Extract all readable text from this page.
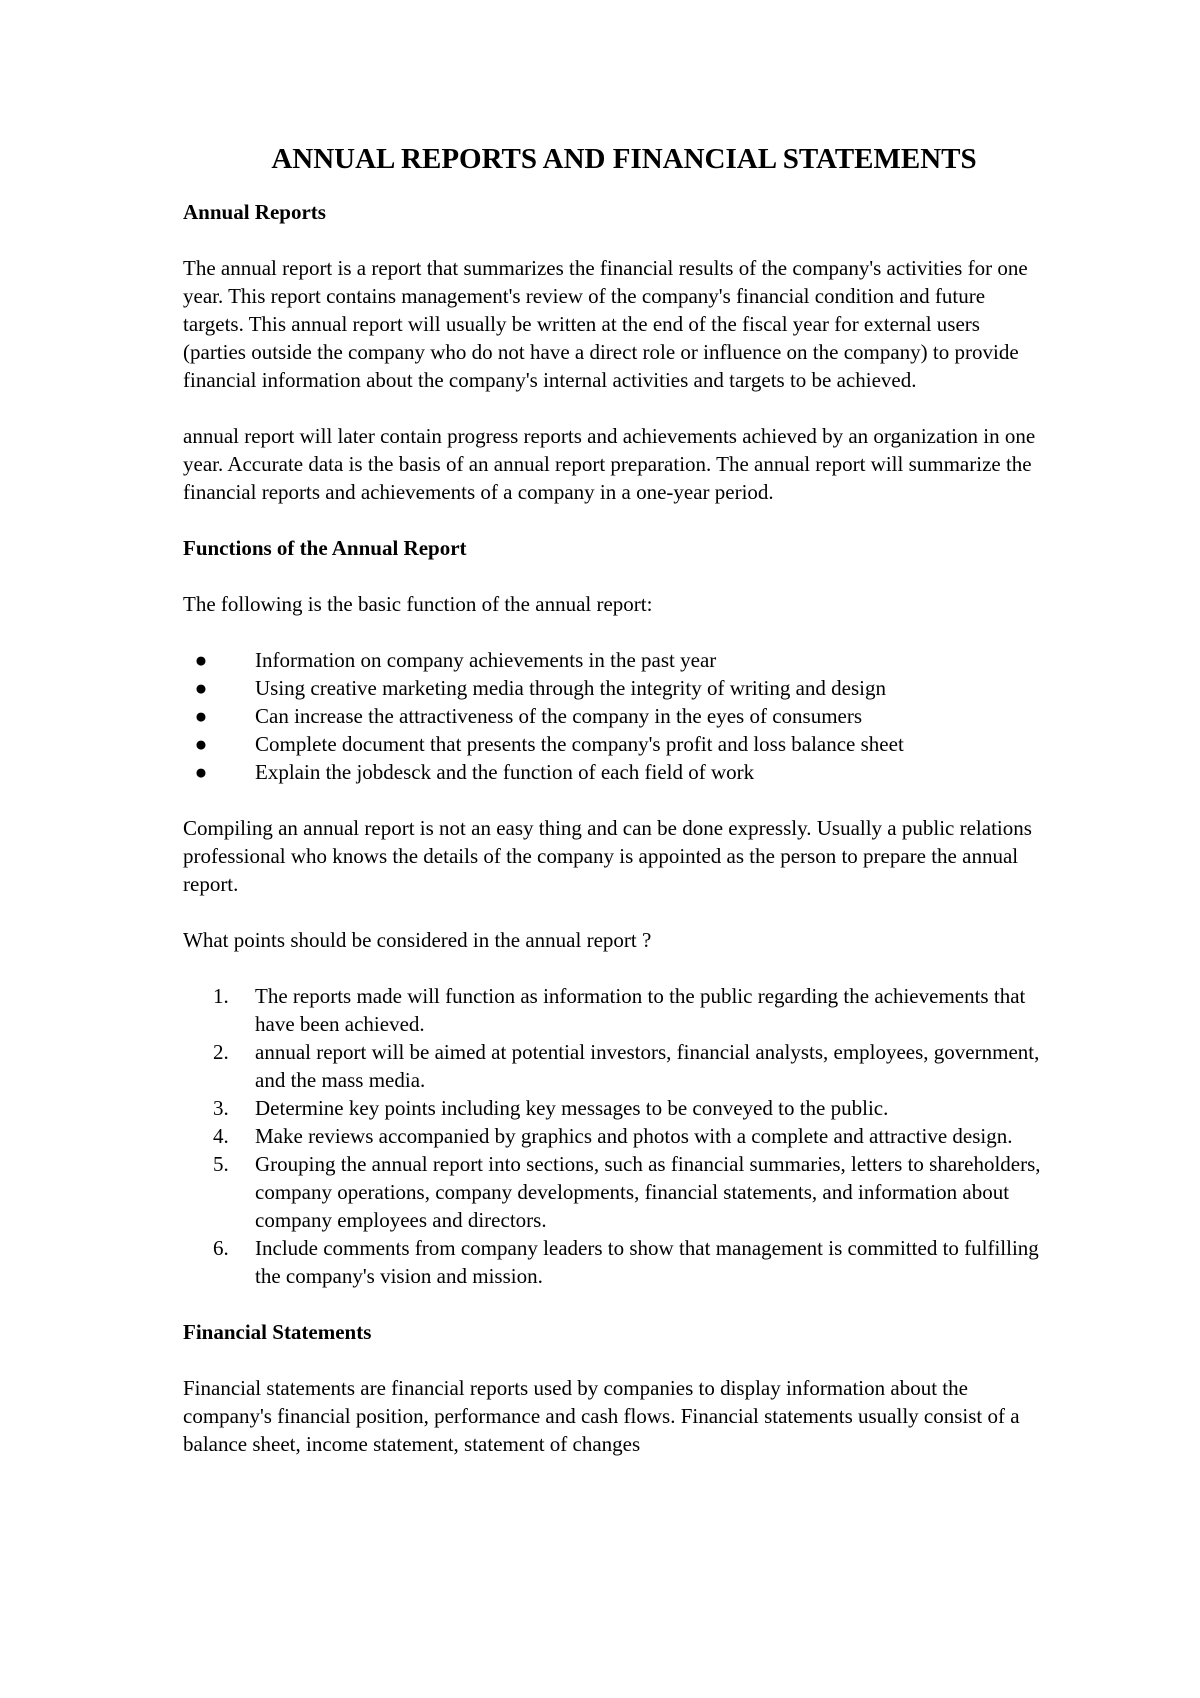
ANNUAL REPORTS AND FINANCIAL STATEMENTS
Annual Reports
The annual report is a report that summarizes the financial results of the company's activities for one year. This report contains management's review of the company's financial condition and future targets. This annual report will usually be written at the end of the fiscal year for external users (parties outside the company who do not have a direct role or influence on the company) to provide financial information about the company's internal activities and targets to be achieved.
annual report will later contain progress reports and achievements achieved by an organization in one year. Accurate data is the basis of an annual report preparation. The annual report will summarize the financial reports and achievements of a company in a one-year period.
Functions of the Annual Report
The following is the basic function of the annual report:
● Information on company achievements in the past year
● Using creative marketing media through the integrity of writing and design
● Can increase the attractiveness of the company in the eyes of consumers
● Complete document that presents the company's profit and loss balance sheet
● Explain the jobdesck and the function of each field of work
Compiling an annual report is not an easy thing and can be done expressly. Usually a public relations professional who knows the details of the company is appointed as the person to prepare the annual report.
What points should be considered in the annual report ?
1. The reports made will function as information to the public regarding the achievements that have been achieved.
2. annual report will be aimed at potential investors, financial analysts, employees, government, and the mass media.
3. Determine key points including key messages to be conveyed to the public.
4. Make reviews accompanied by graphics and photos with a complete and attractive design.
5. Grouping the annual report into sections, such as financial summaries, letters to shareholders, company operations, company developments, financial statements, and information about company employees and directors.
6. Include comments from company leaders to show that management is committed to fulfilling the company's vision and mission.
Financial Statements
Financial statements are financial reports used by companies to display information about the company's financial position, performance and cash flows. Financial statements usually consist of a balance sheet, income statement, statement of changes
